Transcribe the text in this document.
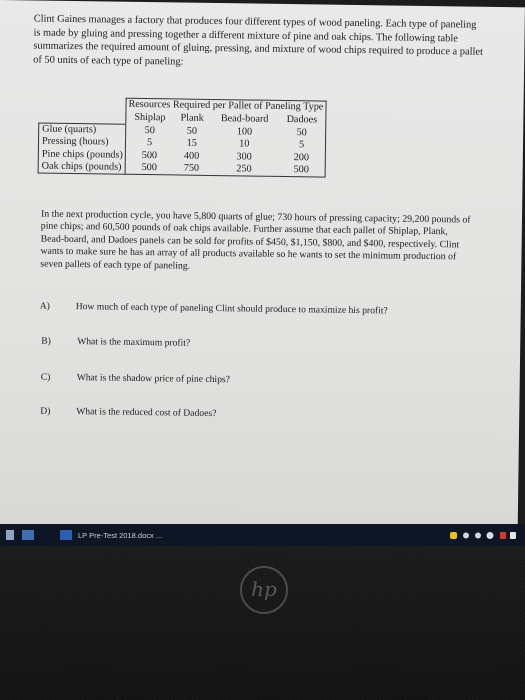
Clint Gaines manages a factory that produces four different types of wood paneling. Each type of paneling is made by gluing and pressing together a different mixture of pine and oak chips. The following table summarizes the required amount of gluing, pressing, and mixture of wood chips required to produce a pallet of 50 units of each type of paneling:

	Resources Required per Pallet of Paneling Type			
	Shiplap	Plank	Bead-board	Dadoes
Glue (quarts)	50	50	100	50
Pressing (hours)	5	15	10	5
Pine chips (pounds)	500	400	300	200
Oak chips (pounds)	500	750	250	500
In the next production cycle, you have 5,800 quarts of glue; 730 hours of pressing capacity; 29,200 pounds of pine chips; and 60,500 pounds of oak chips available. Further assume that each pallet of Shiplap, Plank, Bead-board, and Dadoes panels can be sold for profits of $450, $1,150, $800, and $400, respectively. Clint wants to make sure he has an array of all products available so he wants to set the minimum production of seven pallets of each type of paneling.
A)	How much of each type of paneling Clint should produce to maximize his profit?
B)	What is the maximum profit?
C)	What is the shadow price of pine chips?
D)	What is the reduced cost of Dadoes?
LP Pre-Test 2018.docx ...
hp
